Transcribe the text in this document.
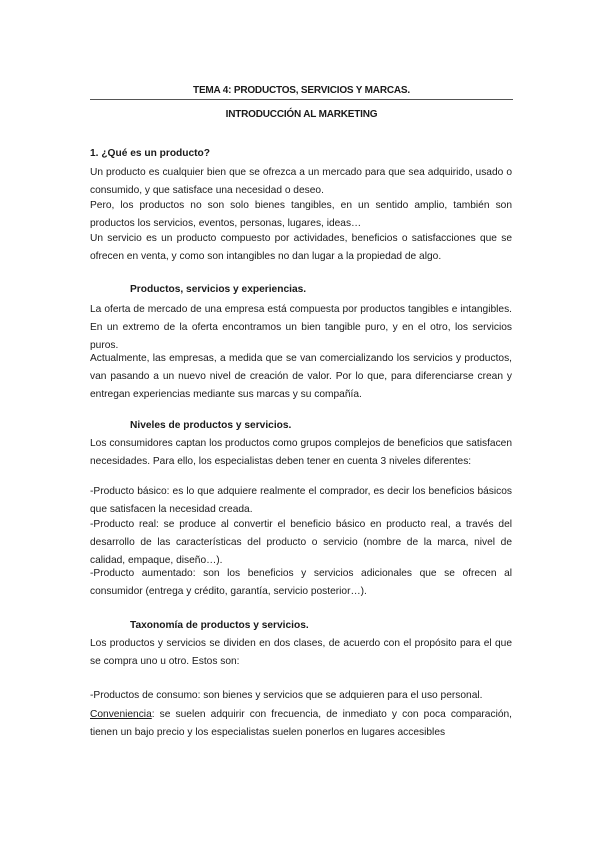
TEMA 4: PRODUCTOS, SERVICIOS Y MARCAS.
INTRODUCCIÓN AL MARKETING
1. ¿Qué es un producto?
Un producto es cualquier bien que se ofrezca a un mercado para que sea adquirido, usado o consumido, y que satisface una necesidad o deseo.
Pero, los productos no son solo bienes tangibles, en un sentido amplio, también son productos los servicios, eventos, personas, lugares, ideas…
Un servicio es un producto compuesto por actividades, beneficios o satisfacciones que se ofrecen en venta, y como son intangibles no dan lugar a la propiedad de algo.
Productos, servicios y experiencias.
La oferta de mercado de una empresa está compuesta por productos tangibles e intangibles. En un extremo de la oferta encontramos un bien tangible puro, y en el otro, los servicios puros.
Actualmente, las empresas, a medida que se van comercializando los servicios y productos, van pasando a un nuevo nivel de creación de valor. Por lo que, para diferenciarse crean y entregan experiencias mediante sus marcas y su compañía.
Niveles de productos y servicios.
Los consumidores captan los productos como grupos complejos de beneficios que satisfacen necesidades. Para ello, los especialistas deben tener en cuenta 3 niveles diferentes:
-Producto básico: es lo que adquiere realmente el comprador, es decir los beneficios básicos que satisfacen la necesidad creada.
-Producto real: se produce al convertir el beneficio básico en producto real, a través del desarrollo de las características del producto o servicio (nombre de la marca, nivel de calidad, empaque, diseño…).
-Producto aumentado: son los beneficios y servicios adicionales que se ofrecen al consumidor (entrega y crédito, garantía, servicio posterior…).
Taxonomía de productos y servicios.
Los productos y servicios se dividen en dos clases, de acuerdo con el propósito para el que se compra uno u otro. Estos son:
-Productos de consumo: son bienes y servicios que se adquieren para el uso personal.
Conveniencia: se suelen adquirir con frecuencia, de inmediato y con poca comparación, tienen un bajo precio y los especialistas suelen ponerlos en lugares accesibles
